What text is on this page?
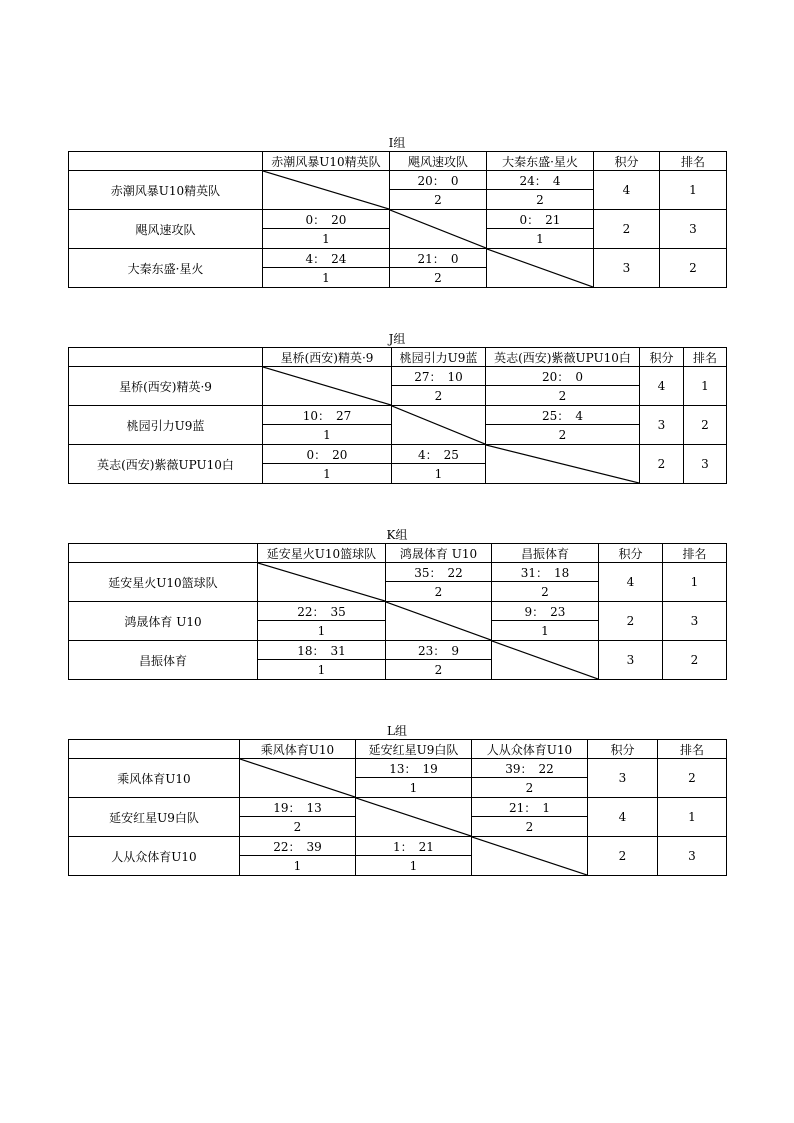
I组
	赤潮风暴U10精英队	飓风速攻队	大秦东盛·星火	积分	排名
赤潮风暴U10精英队		20： 0	24： 4	4	1
		2	2		
飓风速攻队	0： 20		0： 21	2	3
	1		1		
大秦东盛·星火	4： 24	21： 0		3	2
	1	2			
J组
	星桥(西安)精英·9	桃园引力U9蓝	英志(西安)紫薇UPU10白	积分	排名
星桥(西安)精英·9		27： 10	20： 0	4	1
		2	2		
桃园引力U9蓝	10： 27		25： 4	3	2
	1		2		
英志(西安)紫薇UPU10白	0： 20	4： 25		2	3
	1	1			
K组
	延安星火U10篮球队	鸿晟体育 U10	昌振体育	积分	排名
延安星火U10篮球队		35： 22	31： 18	4	1
		2	2		
鸿晟体育 U10	22： 35		9： 23	2	3
	1		1		
昌振体育	18： 31	23： 9		3	2
	1	2			
L组
	乘风体育U10	延安红星U9白队	人从众体育U10	积分	排名
乘风体育U10		13： 19	39： 22	3	2
		1	2		
延安红星U9白队	19： 13		21： 1	4	1
	2		2		
人从众体育U10	22： 39	1： 21		2	3
	1	1			
